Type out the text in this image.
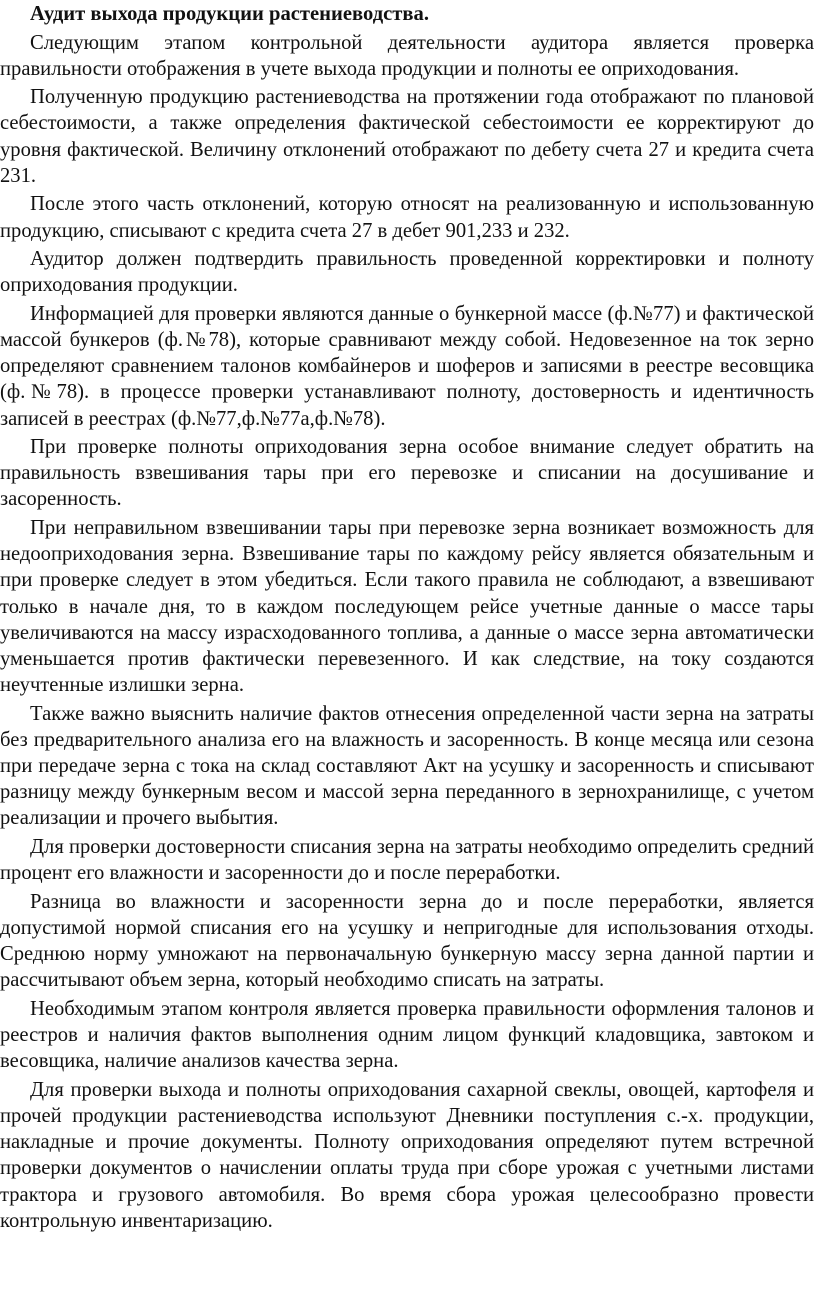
Аудит выхода продукции растениеводства.

Следующим этапом контрольной деятельности аудитора является проверка правильности отображения в учете выхода продукции и полноты ее оприходования.

Полученную продукцию растениеводства на протяжении года отображают по плановой себестоимости, а также определения фактической себестоимости ее корректируют до уровня фактической. Величину отклонений отображают по дебету счета 27 и кредита счета 231.

После этого часть отклонений, которую относят на реализованную и использованную продукцию, списывают с кредита счета 27 в дебет 901,233 и 232.

Аудитор должен подтвердить правильность проведенной корректировки и полноту оприходования продукции.

Информацией для проверки являются данные о бункерной массе (ф.№77) и фактической массой бункеров (ф.№78), которые сравнивают между собой. Недовезенное на ток зерно определяют сравнением талонов комбайнеров и шоферов и записями в реестре весовщика (ф.№78). в процессе проверки устанавливают полноту, достоверность и идентичность записей в реестрах (ф.№77,ф.№77а,ф.№78).

При проверке полноты оприходования зерна особое внимание следует обратить на правильность взвешивания тары при его перевозке и списании на досушивание и засоренность.

При неправильном взвешивании тары при перевозке зерна возникает возможность для недооприходования зерна. Взвешивание тары по каждому рейсу является обязательным и при проверке следует в этом убедиться. Если такого правила не соблюдают, а взвешивают только в начале дня, то в каждом последующем рейсе учетные данные о массе тары увеличиваются на массу израсходованного топлива, а данные о массе зерна автоматически уменьшается против фактически перевезенного. И как следствие, на току создаются неучтенные излишки зерна.

Также важно выяснить наличие фактов отнесения определенной части зерна на затраты без предварительного анализа его на влажность и засоренность. В конце месяца или сезона при передаче зерна с тока на склад составляют Акт на усушку и засоренность и списывают разницу между бункерным весом и массой зерна переданного в зернохранилище, с учетом реализации и прочего выбытия.

Для проверки достоверности списания зерна на затраты необходимо определить средний процент его влажности и засоренности до и после переработки.

Разница во влажности и засоренности зерна до и после переработки, является допустимой нормой списания его на усушку и непригодные для использования отходы. Среднюю норму умножают на первоначальную бункерную массу зерна данной партии и рассчитывают объем зерна, который необходимо списать на затраты.

Необходимым этапом контроля является проверка правильности оформления талонов и реестров и наличия фактов выполнения одним лицом функций кладовщика, завтоком и весовщика, наличие анализов качества зерна.

Для проверки выхода и полноты оприходования сахарной свеклы, овощей, картофеля и прочей продукции растениеводства используют Дневники поступления с.-х. продукции, накладные и прочие документы. Полноту оприходования определяют путем встречной проверки документов о начислении оплаты труда при сборе урожая с учетными листами трактора и грузового автомобиля. Во время сбора урожая целесообразно провести контрольную инвентаризацию.
